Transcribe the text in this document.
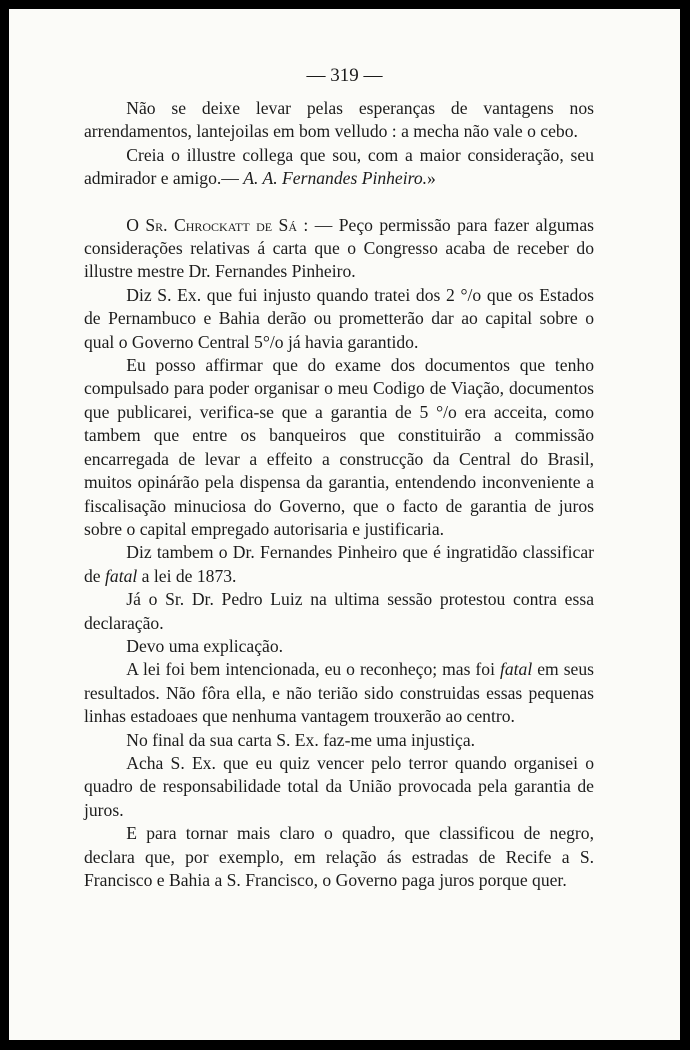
— 319 —

Não se deixe levar pelas esperanças de vantagens nos arrendamentos, lantejoilas em bom velludo : a mecha não vale o cebo.

Creia o illustre collega que sou, com a maior consideração, seu admirador e amigo.— A. A. Fernandes Pinheiro.»

O Sr. Chrockatt de Sá : — Peço permissão para fazer algumas considerações relativas á carta que o Congresso acaba de receber do illustre mestre Dr. Fernandes Pinheiro.

Diz S. Ex. que fui injusto quando tratei dos 2 °/o que os Estados de Pernambuco e Bahia derão ou prometterão dar ao capital sobre o qual o Governo Central 5°/o já havia garantido.

Eu posso affirmar que do exame dos documentos que tenho compulsado para poder organisar o meu Codigo de Viação, documentos que publicarei, verifica-se que a garantia de 5 °/o era acceita, como tambem que entre os banqueiros que constituirão a commissão encarregada de levar a effeito a construcção da Central do Brasil, muitos opinárão pela dispensa da garantia, entendendo inconveniente a fiscalisação minuciosa do Governo, que o facto de garantia de juros sobre o capital empregado autorisaria e justificaria.

Diz tambem o Dr. Fernandes Pinheiro que é ingratidão classificar de fatal a lei de 1873.

Já o Sr. Dr. Pedro Luiz na ultima sessão protestou contra essa declaração.

Devo uma explicação.

A lei foi bem intencionada, eu o reconheço; mas foi fatal em seus resultados. Não fôra ella, e não terião sido construidas essas pequenas linhas estadoaes que nenhuma vantagem trouxerão ao centro.

No final da sua carta S. Ex. faz-me uma injustiça.

Acha S. Ex. que eu quiz vencer pelo terror quando organisei o quadro de responsabilidade total da União provocada pela garantia de juros.

E para tornar mais claro o quadro, que classificou de negro, declara que, por exemplo, em relação ás estradas de Recife a S. Francisco e Bahia a S. Francisco, o Governo paga juros porque quer.
